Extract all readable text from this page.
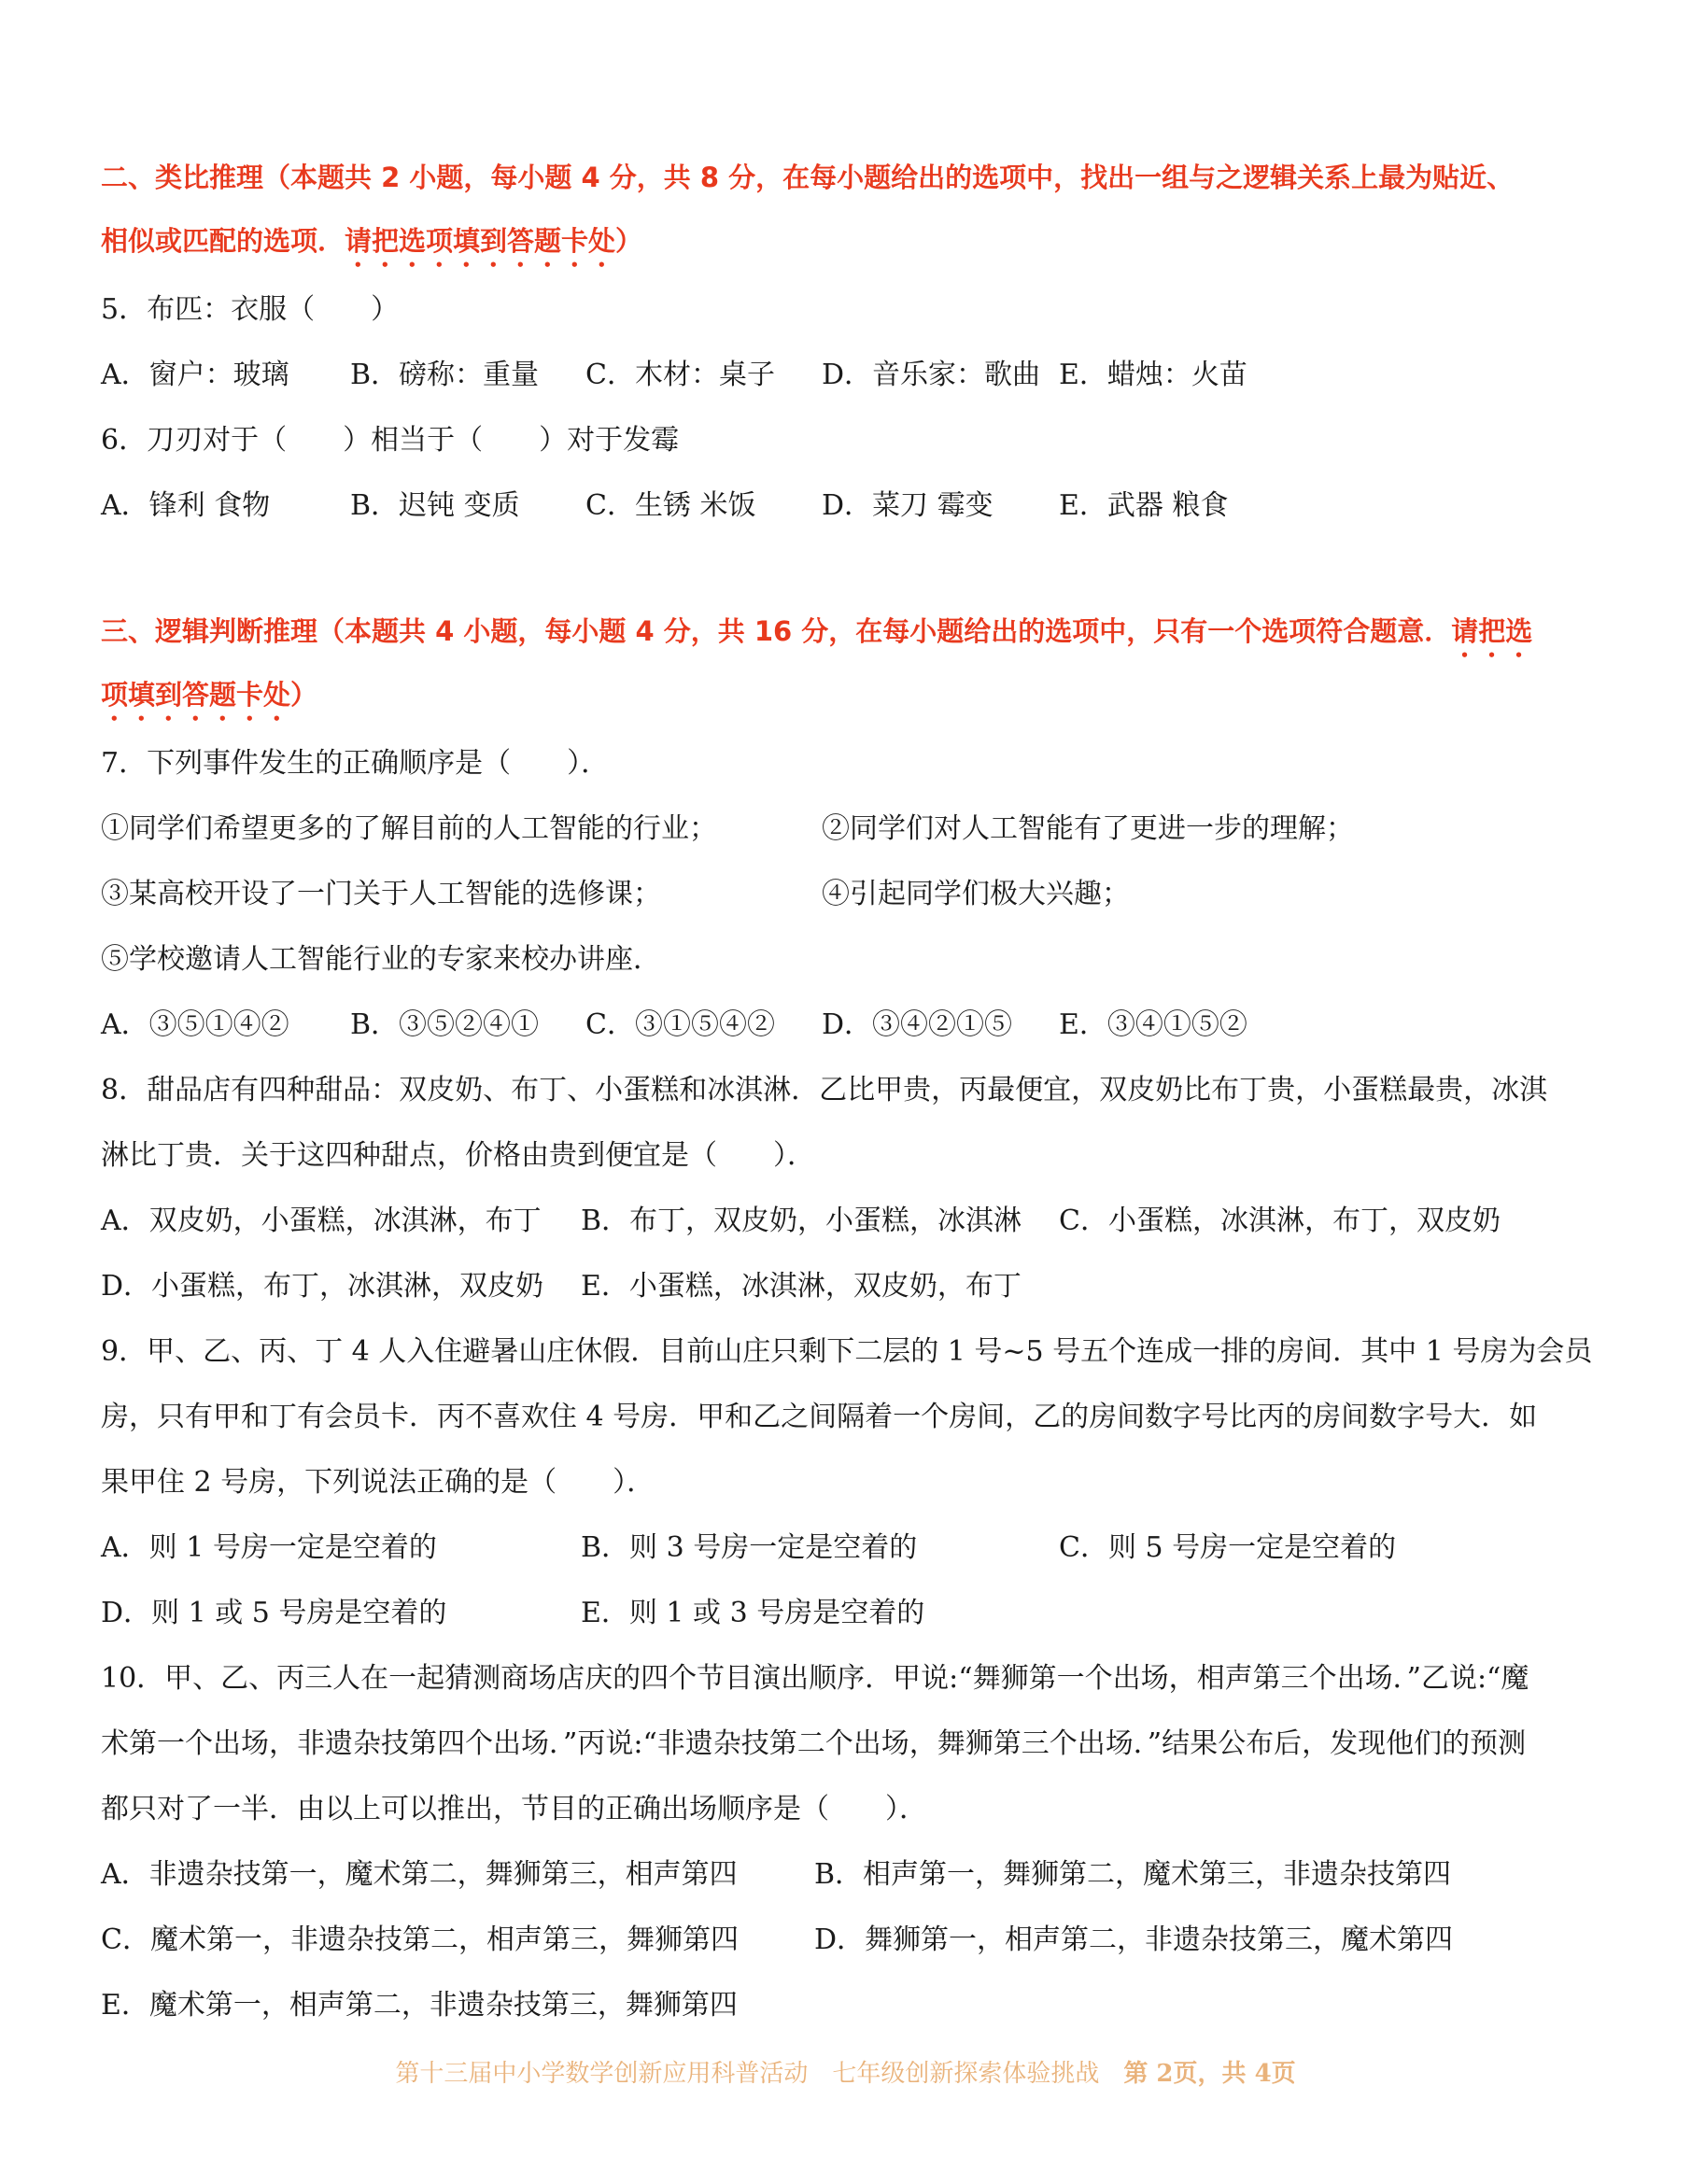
二、类比推理（本题共 2 小题，每小题 4 分，共 8 分，在每小题给出的选项中，找出一组与之逻辑关系上最为贴近、
相似或匹配的选项．请把选项填到答题卡处）
5．布匹：衣服（　　）
A．窗户：玻璃 B．磅称：重量 C．木材：桌子 D．音乐家：歌曲 E．蜡烛：火苗
6．刀刃对于（　　）相当于（　　）对于发霉
A．锋利 食物	B．迟钝 变质 C．生锈 米饭 D．菜刀 霉变 E．武器 粮食
三、逻辑判断推理（本题共 4 小题，每小题 4 分，共 16 分，在每小题给出的选项中，只有一个选项符合题意．请把选
项填到答题卡处）
7．下列事件发生的正确顺序是（　　）．
①同学们希望更多的了解目前的人工智能的行业；	②同学们对人工智能有了更进一步的理解；
③某高校开设了一门关于人工智能的选修课；	④引起同学们极大兴趣；
⑤学校邀请人工智能行业的专家来校办讲座．
A．③⑤①④② B．③⑤②④① C．③①⑤④② D．③④②①⑤ E．③④①⑤②
8．甜品店有四种甜品：双皮奶、布丁、小蛋糕和冰淇淋．乙比甲贵，丙最便宜，双皮奶比布丁贵，小蛋糕最贵，冰淇
淋比丁贵．关于这四种甜点，价格由贵到便宜是（　　）．
A．双皮奶，小蛋糕，冰淇淋，布丁 B．布丁，双皮奶，小蛋糕，冰淇淋 C．小蛋糕，冰淇淋，布丁，双皮奶
D．小蛋糕，布丁，冰淇淋，双皮奶 E．小蛋糕，冰淇淋，双皮奶，布丁
9．甲、乙、丙、丁 4 人入住避暑山庄休假．目前山庄只剩下二层的 1 号~5 号五个连成一排的房间．其中 1 号房为会员
房，只有甲和丁有会员卡．丙不喜欢住 4 号房．甲和乙之间隔着一个房间，乙的房间数字号比丙的房间数字号大．如
果甲住 2 号房，下列说法正确的是（　　）．
A．则 1 号房一定是空着的	B．则 3 号房一定是空着的	C．则 5 号房一定是空着的
D．则 1 或 5 号房是空着的	E．则 1 或 3 号房是空着的
10．甲、乙、丙三人在一起猜测商场店庆的四个节目演出顺序．甲说:“舞狮第一个出场，相声第三个出场．”乙说:“魔
术第一个出场，非遗杂技第四个出场．”丙说:“非遗杂技第二个出场，舞狮第三个出场．”结果公布后，发现他们的预测
都只对了一半．由以上可以推出，节目的正确出场顺序是（　　）．
A．非遗杂技第一，魔术第二，舞狮第三，相声第四	B．相声第一，舞狮第二，魔术第三，非遗杂技第四
C．魔术第一，非遗杂技第二，相声第三，舞狮第四	D．舞狮第一，相声第二，非遗杂技第三，魔术第四
E．魔术第一，相声第二，非遗杂技第三，舞狮第四
第十三届中小学数学创新应用科普活动　 七年级创新探索体验挑战　 第 2页，共 4页
